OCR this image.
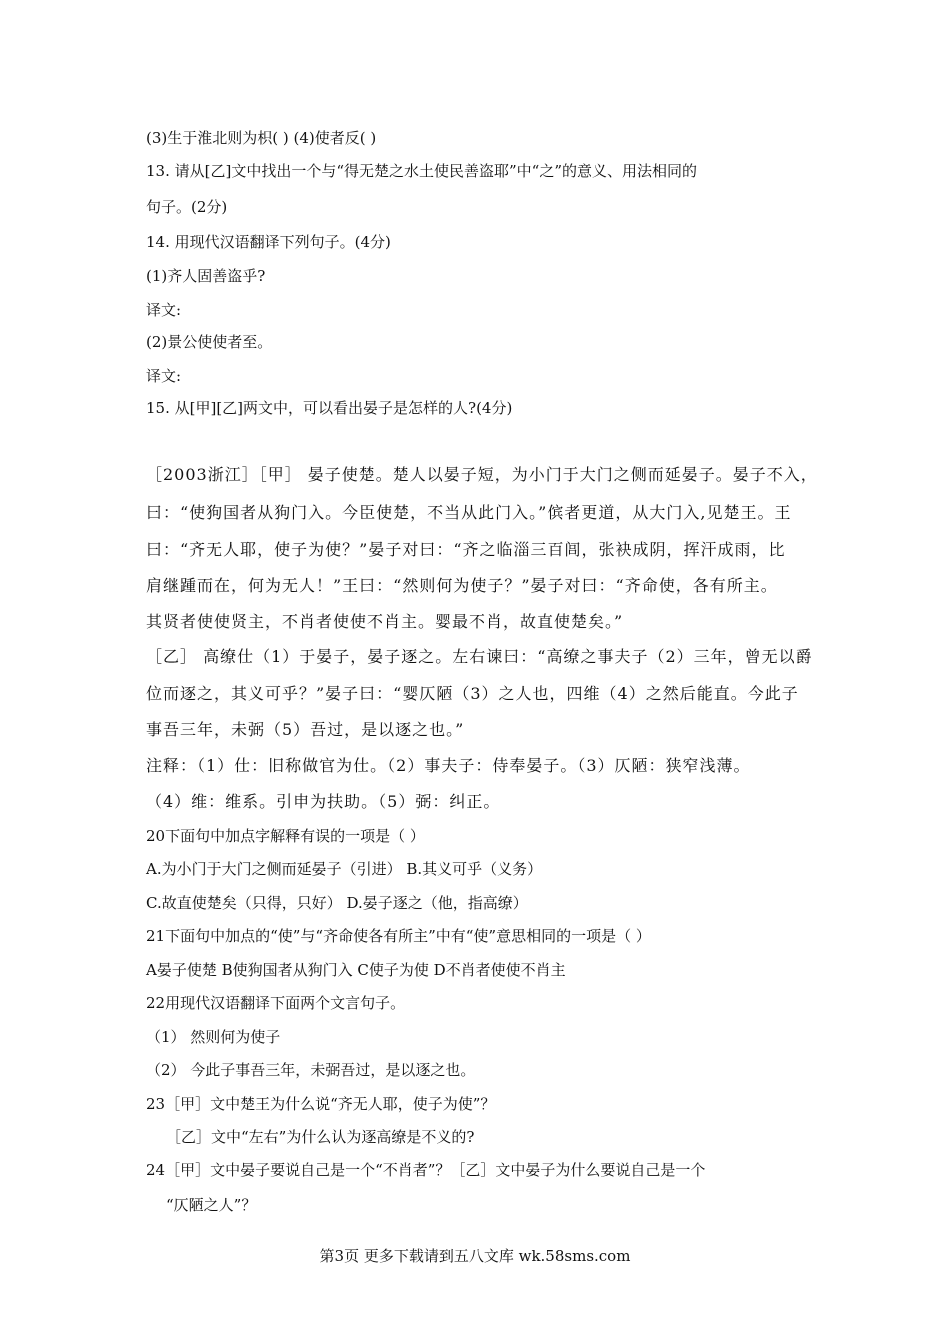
(3)生于淮北则为枳( ) (4)使者反( )
13. 请从[乙]文中找出一个与“得无楚之水土使民善盗耶”中“之”的意义、用法相同的
句子。(2分)
14. 用现代汉语翻译下列句子。(4分)
(1)齐人固善盗乎?
译文:
(2)景公使使者至。
译文:
15. 从[甲][乙]两文中，可以看出晏子是怎样的人?(4分)
［2003浙江］［甲］ 晏子使楚。楚人以晏子短，为小门于大门之侧而延晏子。晏子不入，
曰：“使狗国者从狗门入。今臣使楚，不当从此门入。”傧者更道，从大门入,见楚王。王
曰：“齐无人耶，使子为使？”晏子对曰：“齐之临淄三百闾，张袂成阴，挥汗成雨，比
肩继踵而在，何为无人！”王曰：“然则何为使子？”晏子对曰：“齐命使，各有所主。
其贤者使使贤主，不肖者使使不肖主。婴最不肖，故直使楚矣。”
［乙］ 高缭仕（1）于晏子，晏子逐之。左右谏曰：“高缭之事夫子（2）三年，曾无以爵
位而逐之，其义可乎？”晏子曰：“婴仄陋（3）之人也，四维（4）之然后能直。今此子
事吾三年，未弼（5）吾过，是以逐之也。”
注释：（1）仕：旧称做官为仕。（2）事夫子：侍奉晏子。（3）仄陋：狭窄浅薄。
（4）维：维系。引申为扶助。（5）弼：纠正。
20下面句中加点字解释有误的一项是（ ）
A.为小门于大门之侧而延晏子（引进） B.其义可乎（义务）
C.故直使楚矣（只得，只好） D.晏子逐之（他，指高缭）
21下面句中加点的“使”与“齐命使各有所主”中有“使”意思相同的一项是（ ）
A晏子使楚 B使狗国者从狗门入 C使子为使 D不肖者使使不肖主
22用现代汉语翻译下面两个文言句子。
（1） 然则何为使子
（2） 今此子事吾三年，未弼吾过，是以逐之也。
23［甲］文中楚王为什么说“齐无人耶，使子为使”？
［乙］文中“左右”为什么认为逐高缭是不义的?
24［甲］文中晏子要说自己是一个“不肖者”？［乙］文中晏子为什么要说自己是一个
“仄陋之人”？
第3页 更多下载请到五八文库 wk.58sms.com
